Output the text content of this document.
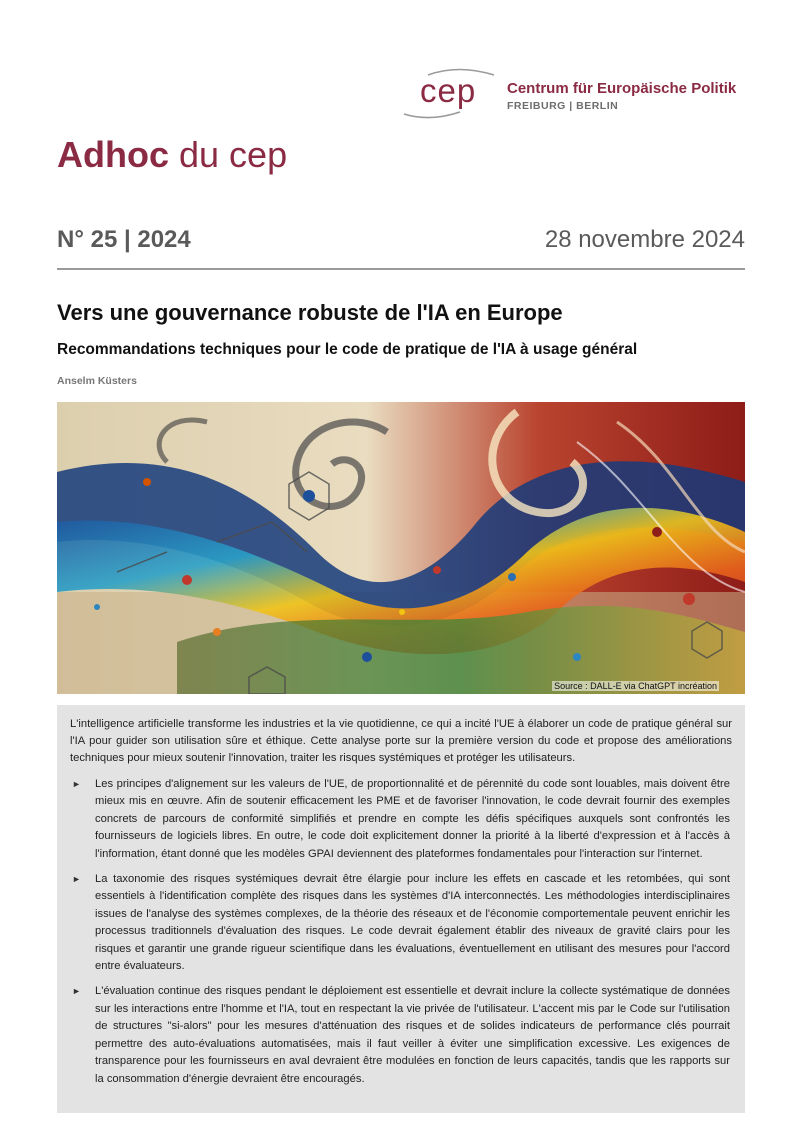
cep Centrum für Europäische Politik
FREIBURG | BERLIN
Adhoc du cep
N° 25 | 2024	28 novembre 2024
Vers une gouvernance robuste de l'IA en Europe
Recommandations techniques pour le code de pratique de l'IA à usage général
Anselm Küsters
Source : DALL-E via ChatGPT incréation

L'intelligence artificielle transforme les industries et la vie quotidienne, ce qui a incité l'UE à élaborer un code de pratique général sur l'IA pour guider son utilisation sûre et éthique. Cette analyse porte sur la première version du code et propose des améliorations techniques pour mieux soutenir l'innovation, traiter les risques systémiques et protéger les utilisateurs.

► Les principes d'alignement sur les valeurs de l'UE, de proportionnalité et de pérennité du code sont louables, mais doivent être mieux mis en œuvre. Afin de soutenir efficacement les PME et de favoriser l'innovation, le code devrait fournir des exemples concrets de parcours de conformité simplifiés et prendre en compte les défis spécifiques auxquels sont confrontés les fournisseurs de logiciels libres. En outre, le code doit explicitement donner la priorité à la liberté d'expression et à l'accès à l'information, étant donné que les modèles GPAI deviennent des plateformes fondamentales pour l'interaction sur l'internet.
► La taxonomie des risques systémiques devrait être élargie pour inclure les effets en cascade et les retombées, qui sont essentiels à l'identification complète des risques dans les systèmes d'IA interconnectés. Les méthodologies interdisciplinaires issues de l'analyse des systèmes complexes, de la théorie des réseaux et de l'économie comportementale peuvent enrichir les processus traditionnels d'évaluation des risques. Le code devrait également établir des niveaux de gravité clairs pour les risques et garantir une grande rigueur scientifique dans les évaluations, éventuellement en utilisant des mesures pour l'accord entre évaluateurs.
► L'évaluation continue des risques pendant le déploiement est essentielle et devrait inclure la collecte systématique de données sur les interactions entre l'homme et l'IA, tout en respectant la vie privée de l'utilisateur. L'accent mis par le Code sur l'utilisation de structures "si-alors" pour les mesures d'atténuation des risques et de solides indicateurs de performance clés pourrait permettre des auto-évaluations automatisées, mais il faut veiller à éviter une simplification excessive. Les exigences de transparence pour les fournisseurs en aval devraient être modulées en fonction de leurs capacités, tandis que les rapports sur la consommation d'énergie devraient être encouragés.
